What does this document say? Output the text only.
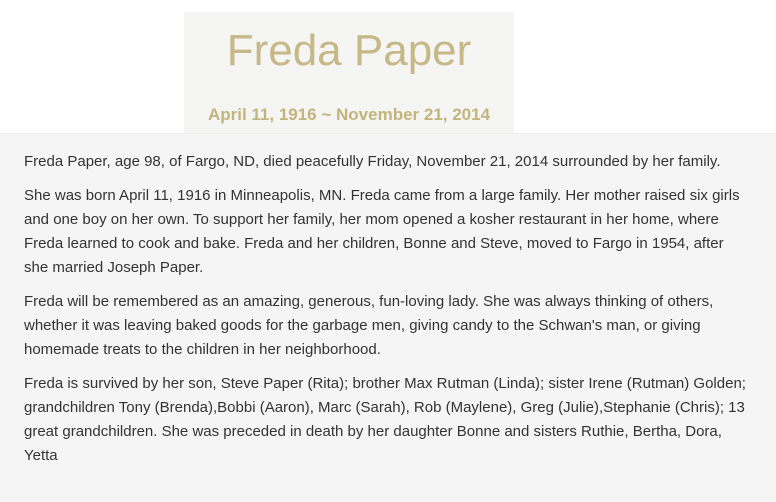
Freda Paper
April 11, 1916 ~ November 21, 2014

Freda Paper, age 98, of Fargo, ND, died peacefully Friday, November 21, 2014 surrounded by her family.

She was born April 11, 1916 in Minneapolis, MN. Freda came from a large family. Her mother raised six girls and one boy on her own. To support her family, her mom opened a kosher restaurant in her home, where Freda learned to cook and bake. Freda and her children, Bonne and Steve, moved to Fargo in 1954, after she married Joseph Paper.

Freda will be remembered as an amazing, generous, fun-loving lady. She was always thinking of others, whether it was leaving baked goods for the garbage men, giving candy to the Schwan's man, or giving homemade treats to the children in her neighborhood.

Freda is survived by her son, Steve Paper (Rita); brother Max Rutman (Linda); sister Irene (Rutman) Golden; grandchildren Tony (Brenda),Bobbi (Aaron), Marc (Sarah), Rob (Maylene), Greg (Julie),Stephanie (Chris); 13 great grandchildren. She was preceded in death by her daughter Bonne and sisters Ruthie, Bertha, Dora, Yetta
